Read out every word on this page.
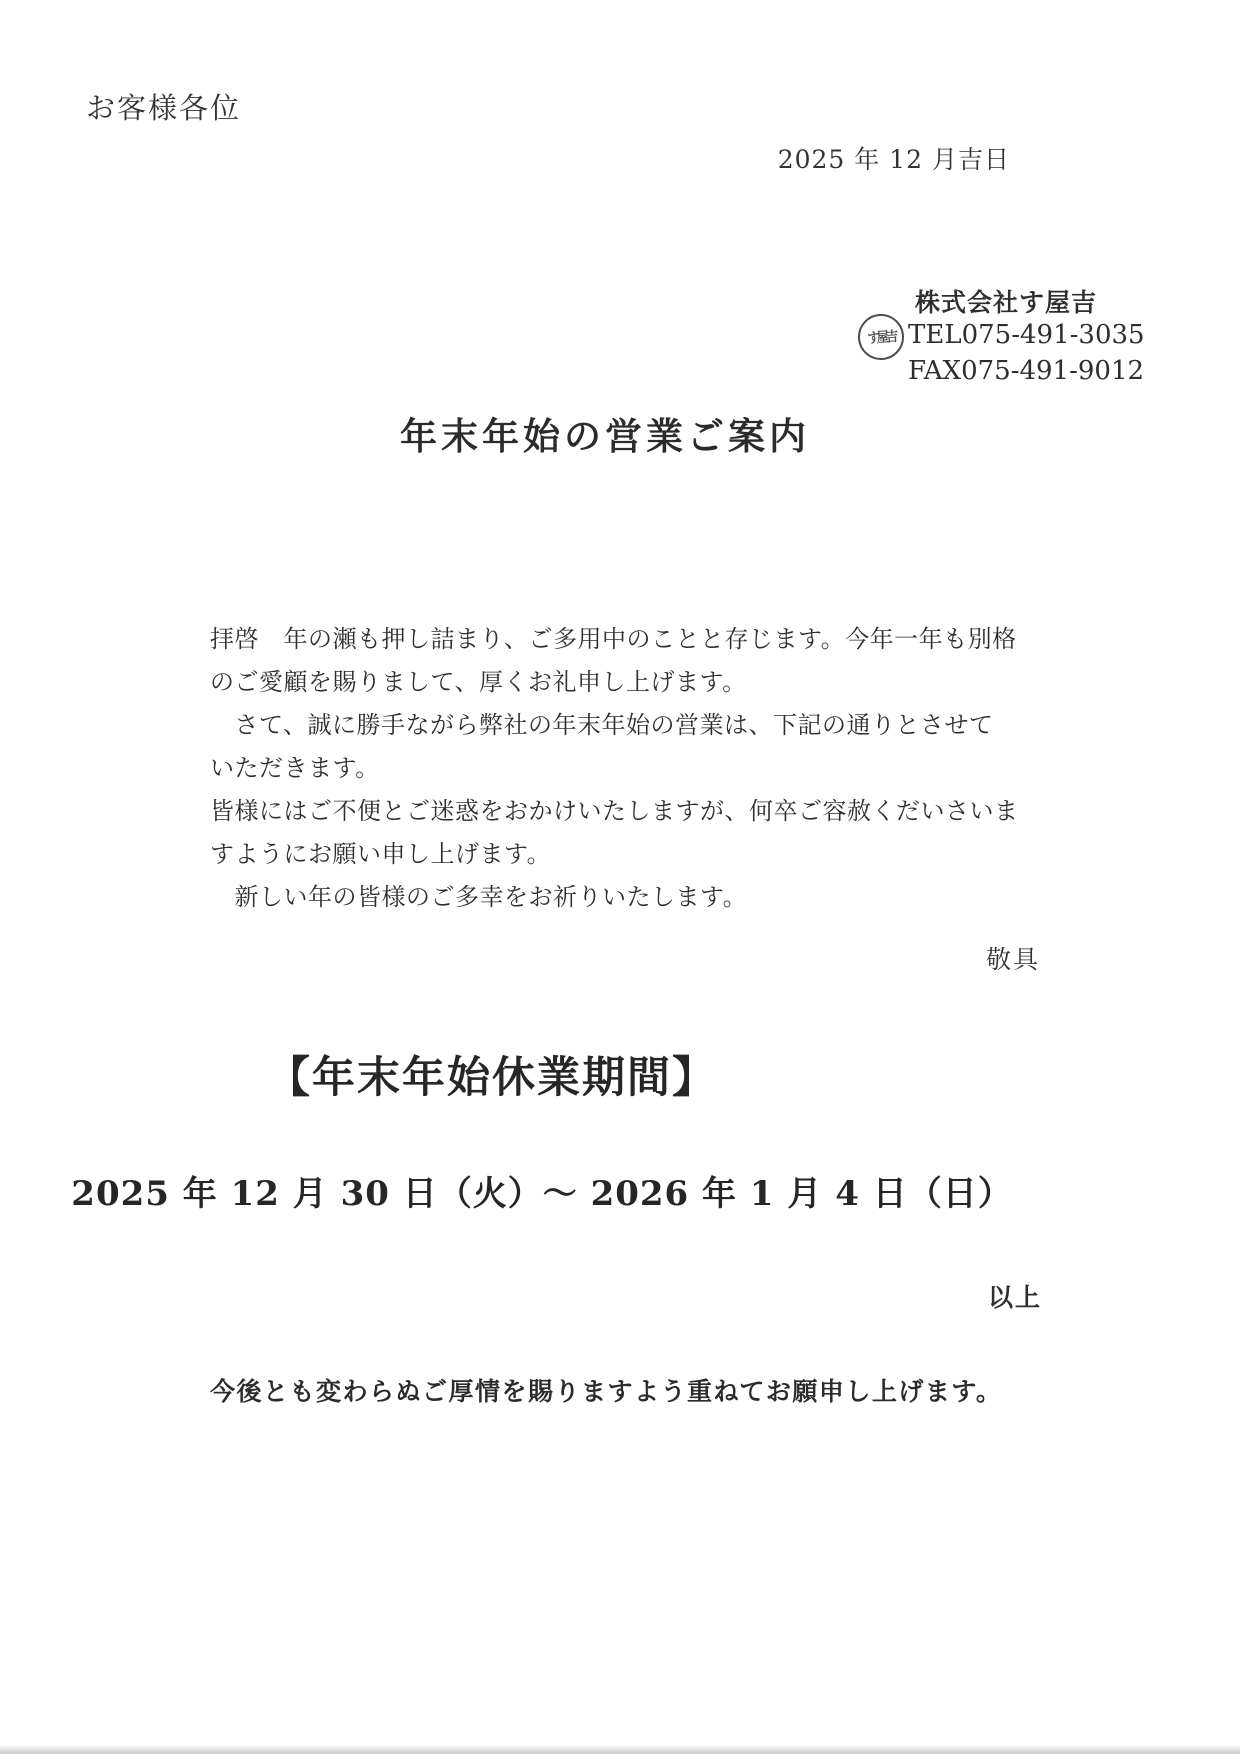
お客様各位
2025 年 12 月吉日
す屋吉
株式会社す屋吉
TEL075-491-3035
FAX075-491-9012
年末年始の営業ご案内
拝啓　年の瀬も押し詰まり、ご多用中のことと存じます。今年一年も別格
のご愛顧を賜りまして、厚くお礼申し上げます。
　さて、誠に勝手ながら弊社の年末年始の営業は、下記の通りとさせて
いただきます。
皆様にはご不便とご迷惑をおかけいたしますが、何卒ご容赦くだいさいま
すようにお願い申し上げます。
　新しい年の皆様のご多幸をお祈りいたします。
敬具
【年末年始休業期間】
2025 年 12 月 30 日（火）～ 2026 年 1 月 4 日（日）
以上
今後とも変わらぬご厚情を賜りますよう重ねてお願申し上げます。
